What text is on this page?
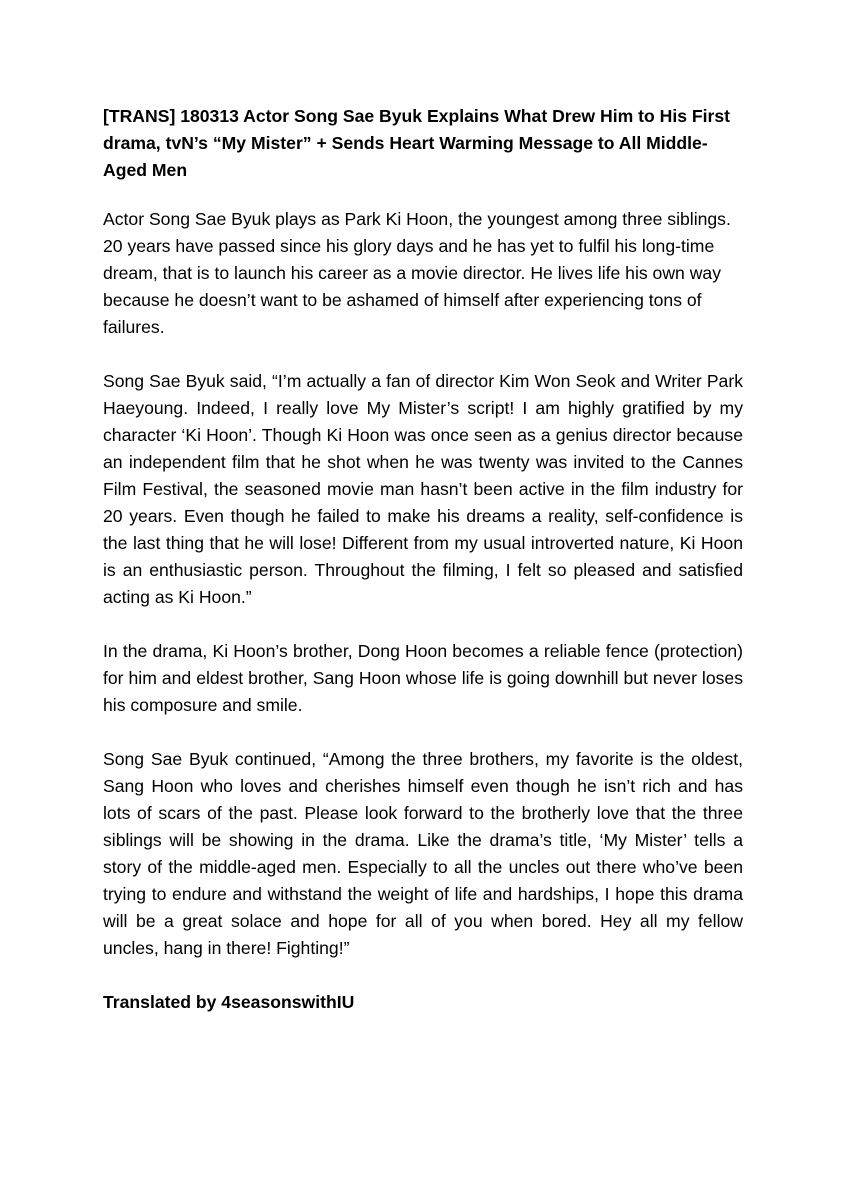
[TRANS] 180313 Actor Song Sae Byuk Explains What Drew Him to His First drama, tvN’s “My Mister” + Sends Heart Warming Message to All Middle-Aged Men

Actor Song Sae Byuk plays as Park Ki Hoon, the youngest among three siblings. 20 years have passed since his glory days and he has yet to fulfil his long-time dream, that is to launch his career as a movie director. He lives life his own way because he doesn’t want to be ashamed of himself after experiencing tons of failures.

Song Sae Byuk said, “I’m actually a fan of director Kim Won Seok and Writer Park Haeyoung. Indeed, I really love My Mister’s script! I am highly gratified by my character ‘Ki Hoon’. Though Ki Hoon was once seen as a genius director because an independent film that he shot when he was twenty was invited to the Cannes Film Festival, the seasoned movie man hasn’t been active in the film industry for 20 years. Even though he failed to make his dreams a reality, self-confidence is the last thing that he will lose! Different from my usual introverted nature, Ki Hoon is an enthusiastic person. Throughout the filming, I felt so pleased and satisfied acting as Ki Hoon.”

In the drama, Ki Hoon’s brother, Dong Hoon becomes a reliable fence (protection) for him and eldest brother, Sang Hoon whose life is going downhill but never loses his composure and smile.

Song Sae Byuk continued, “Among the three brothers, my favorite is the oldest, Sang Hoon who loves and cherishes himself even though he isn’t rich and has lots of scars of the past. Please look forward to the brotherly love that the three siblings will be showing in the drama. Like the drama’s title, ‘My Mister’ tells a story of the middle-aged men. Especially to all the uncles out there who’ve been trying to endure and withstand the weight of life and hardships, I hope this drama will be a great solace and hope for all of you when bored. Hey all my fellow uncles, hang in there! Fighting!”

Translated by 4seasonswithIU
